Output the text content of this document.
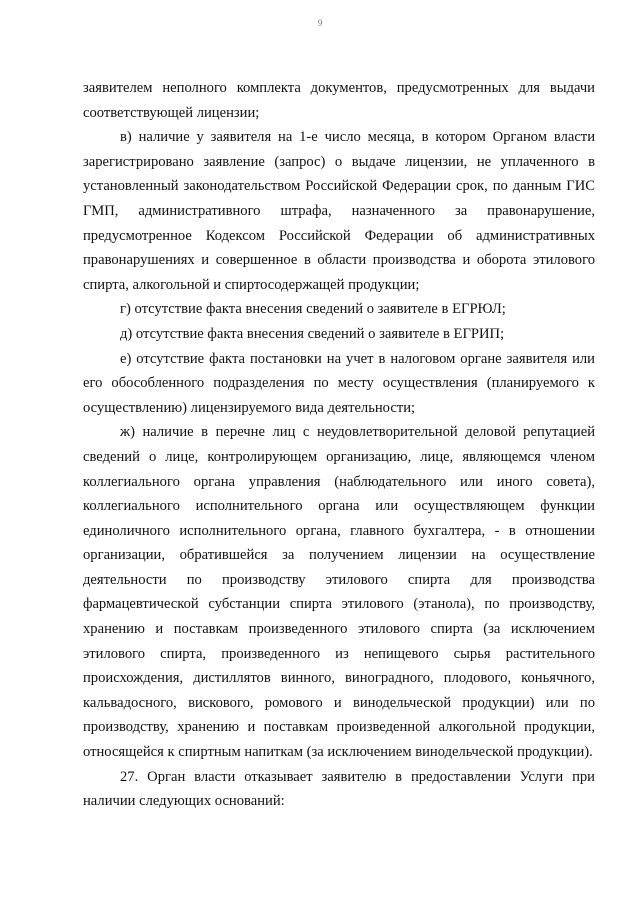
9

заявителем неполного комплекта документов, предусмотренных для выдачи соответствующей лицензии;

в) наличие у заявителя на 1-е число месяца, в котором Органом власти зарегистрировано заявление (запрос) о выдаче лицензии, не уплаченного в установленный законодательством Российской Федерации срок, по данным ГИС ГМП, административного штрафа, назначенного за правонарушение, предусмотренное Кодексом Российской Федерации об административных правонарушениях и совершенное в области производства и оборота этилового спирта, алкогольной и спиртосодержащей продукции;

г) отсутствие факта внесения сведений о заявителе в ЕГРЮЛ;

д) отсутствие факта внесения сведений о заявителе в ЕГРИП;

е) отсутствие факта постановки на учет в налоговом органе заявителя или его обособленного подразделения по месту осуществления (планируемого к осуществлению) лицензируемого вида деятельности;

ж) наличие в перечне лиц с неудовлетворительной деловой репутацией сведений о лице, контролирующем организацию, лице, являющемся членом коллегиального органа управления (наблюдательного или иного совета), коллегиального исполнительного органа или осуществляющем функции единоличного исполнительного органа, главного бухгалтера, - в отношении организации, обратившейся за получением лицензии на осуществление деятельности по производству этилового спирта для производства фармацевтической субстанции спирта этилового (этанола), по производству, хранению и поставкам произведенного этилового спирта (за исключением этилового спирта, произведенного из непищевого сырья растительного происхождения, дистиллятов винного, виноградного, плодового, коньячного, кальвадосного, вискового, ромового и винодельческой продукции) или по производству, хранению и поставкам произведенной алкогольной продукции, относящейся к спиртным напиткам (за исключением винодельческой продукции).

27. Орган власти отказывает заявителю в предоставлении Услуги при наличии следующих оснований:
